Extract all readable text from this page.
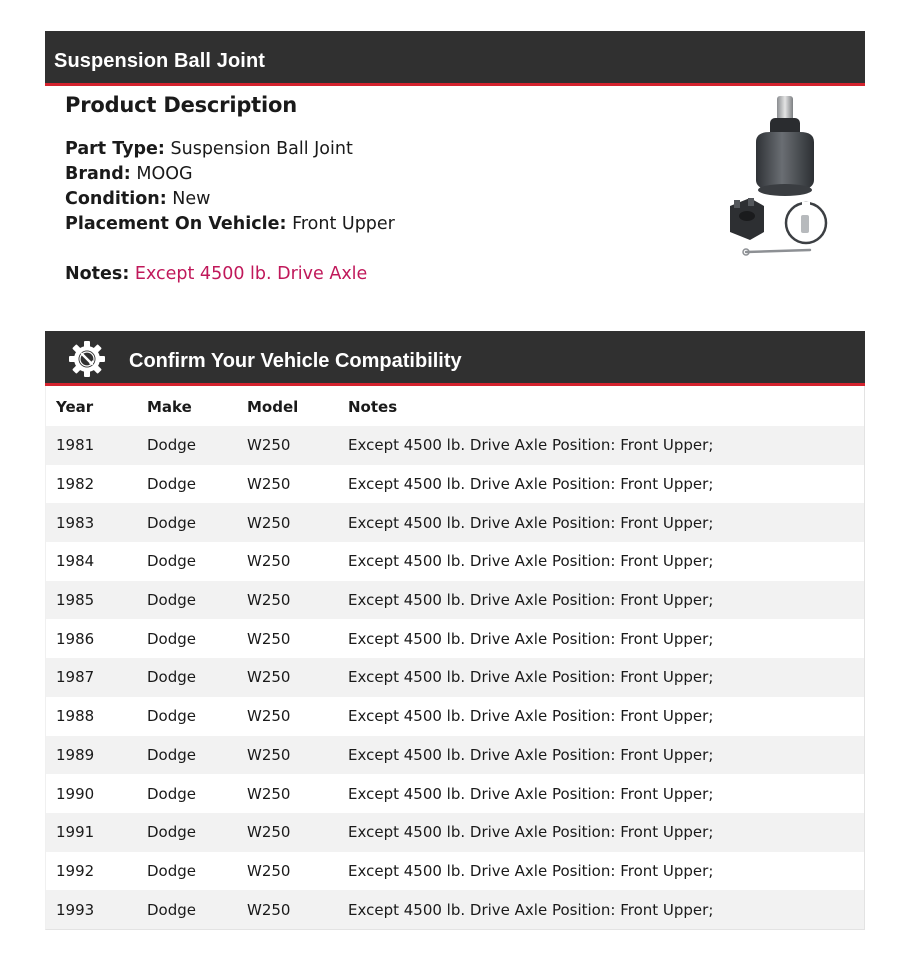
Suspension Ball Joint
Product Description
Part Type: Suspension Ball Joint
Brand: MOOG
Condition: New
Placement On Vehicle: Front Upper
Notes: Except 4500 lb. Drive Axle
Confirm Your Vehicle Compatibility
Year	Make	Model	Notes
1981	Dodge	W250	Except 4500 lb. Drive Axle Position: Front Upper;
1982	Dodge	W250	Except 4500 lb. Drive Axle Position: Front Upper;
1983	Dodge	W250	Except 4500 lb. Drive Axle Position: Front Upper;
1984	Dodge	W250	Except 4500 lb. Drive Axle Position: Front Upper;
1985	Dodge	W250	Except 4500 lb. Drive Axle Position: Front Upper;
1986	Dodge	W250	Except 4500 lb. Drive Axle Position: Front Upper;
1987	Dodge	W250	Except 4500 lb. Drive Axle Position: Front Upper;
1988	Dodge	W250	Except 4500 lb. Drive Axle Position: Front Upper;
1989	Dodge	W250	Except 4500 lb. Drive Axle Position: Front Upper;
1990	Dodge	W250	Except 4500 lb. Drive Axle Position: Front Upper;
1991	Dodge	W250	Except 4500 lb. Drive Axle Position: Front Upper;
1992	Dodge	W250	Except 4500 lb. Drive Axle Position: Front Upper;
1993	Dodge	W250	Except 4500 lb. Drive Axle Position: Front Upper;
